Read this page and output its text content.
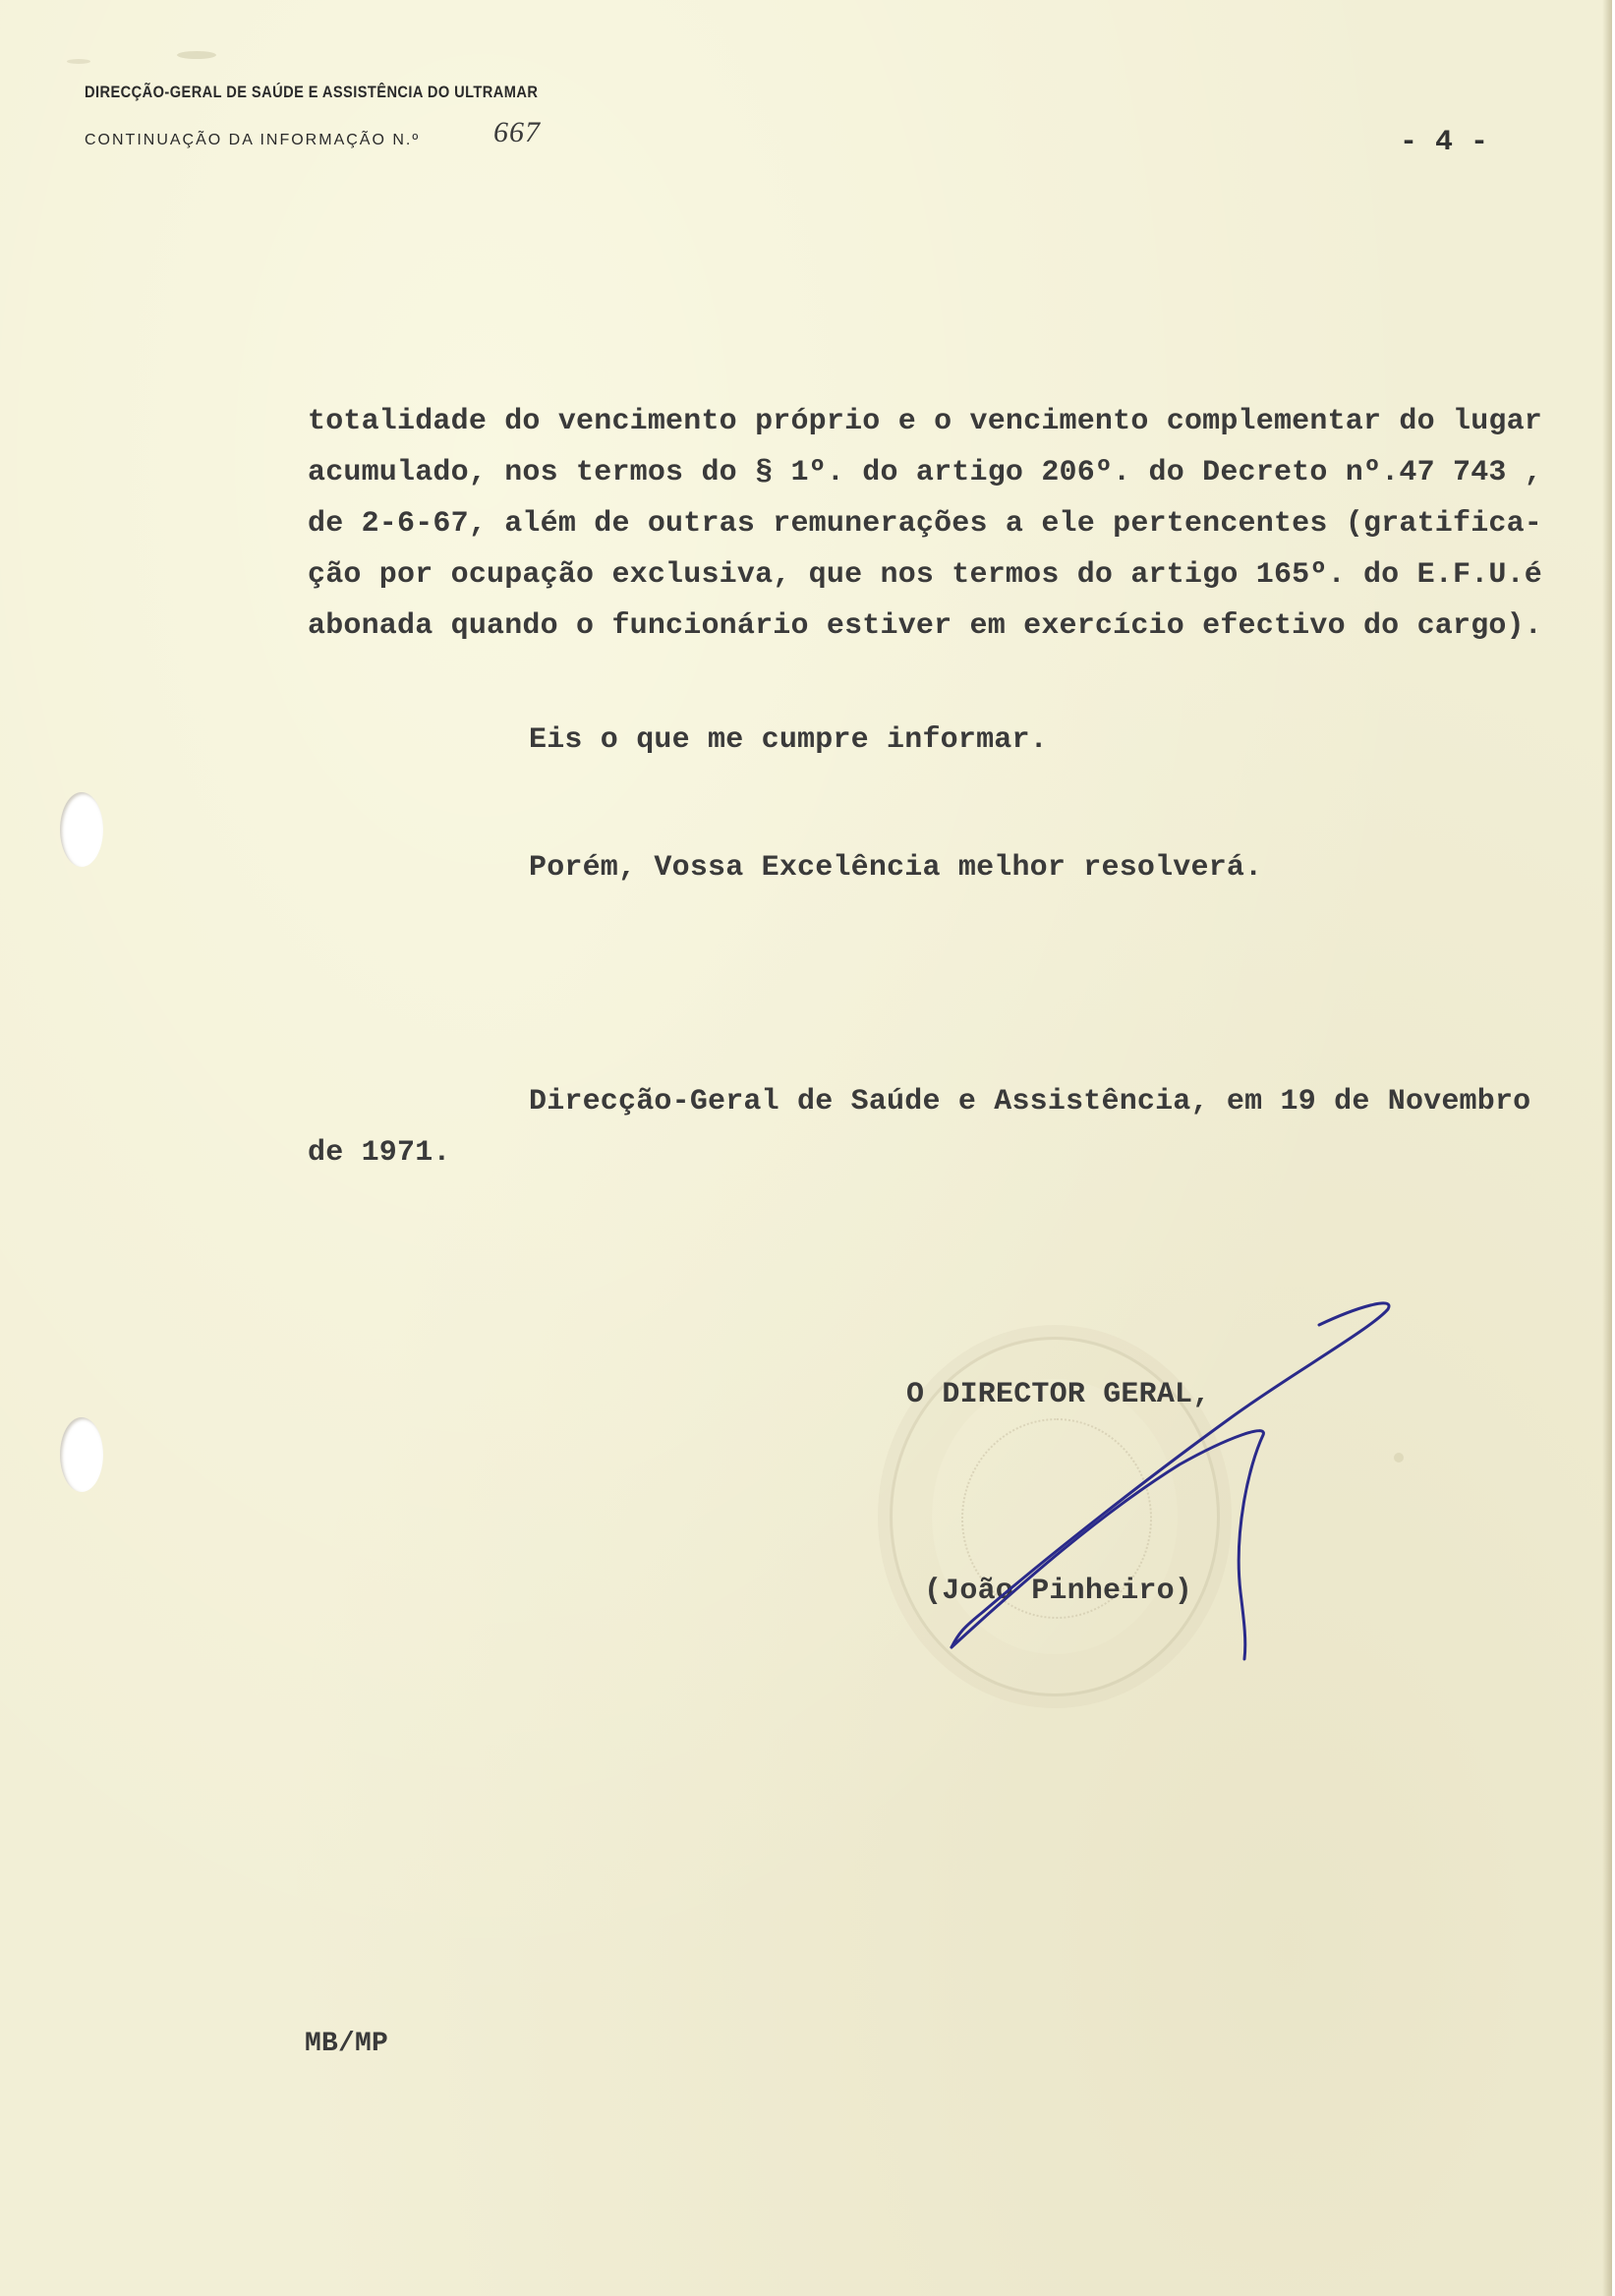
DIRECÇÃO-GERAL DE SAÚDE E ASSISTÊNCIA DO ULTRAMAR
CONTINUAÇÃO DA INFORMAÇÃO N.º 667	- 4 -
totalidade do vencimento próprio e o vencimento complementar do lugar
acumulado, nos termos do § 1º. do artigo 206º. do Decreto nº.47 743 ,
de 2-6-67, além de outras remunerações a ele pertencentes (gratifica-
ção por ocupação exclusiva, que nos termos do artigo 165º. do E.F.U.é
abonada quando o funcionário estiver em exercício efectivo do cargo).
Eis o que me cumpre informar.
Porém, Vossa Excelência melhor resolverá.
Direcção-Geral de Saúde e Assistência, em 19 de Novembro
de 1971.
O DIRECTOR GERAL,
(João Pinheiro)
MB/MP
